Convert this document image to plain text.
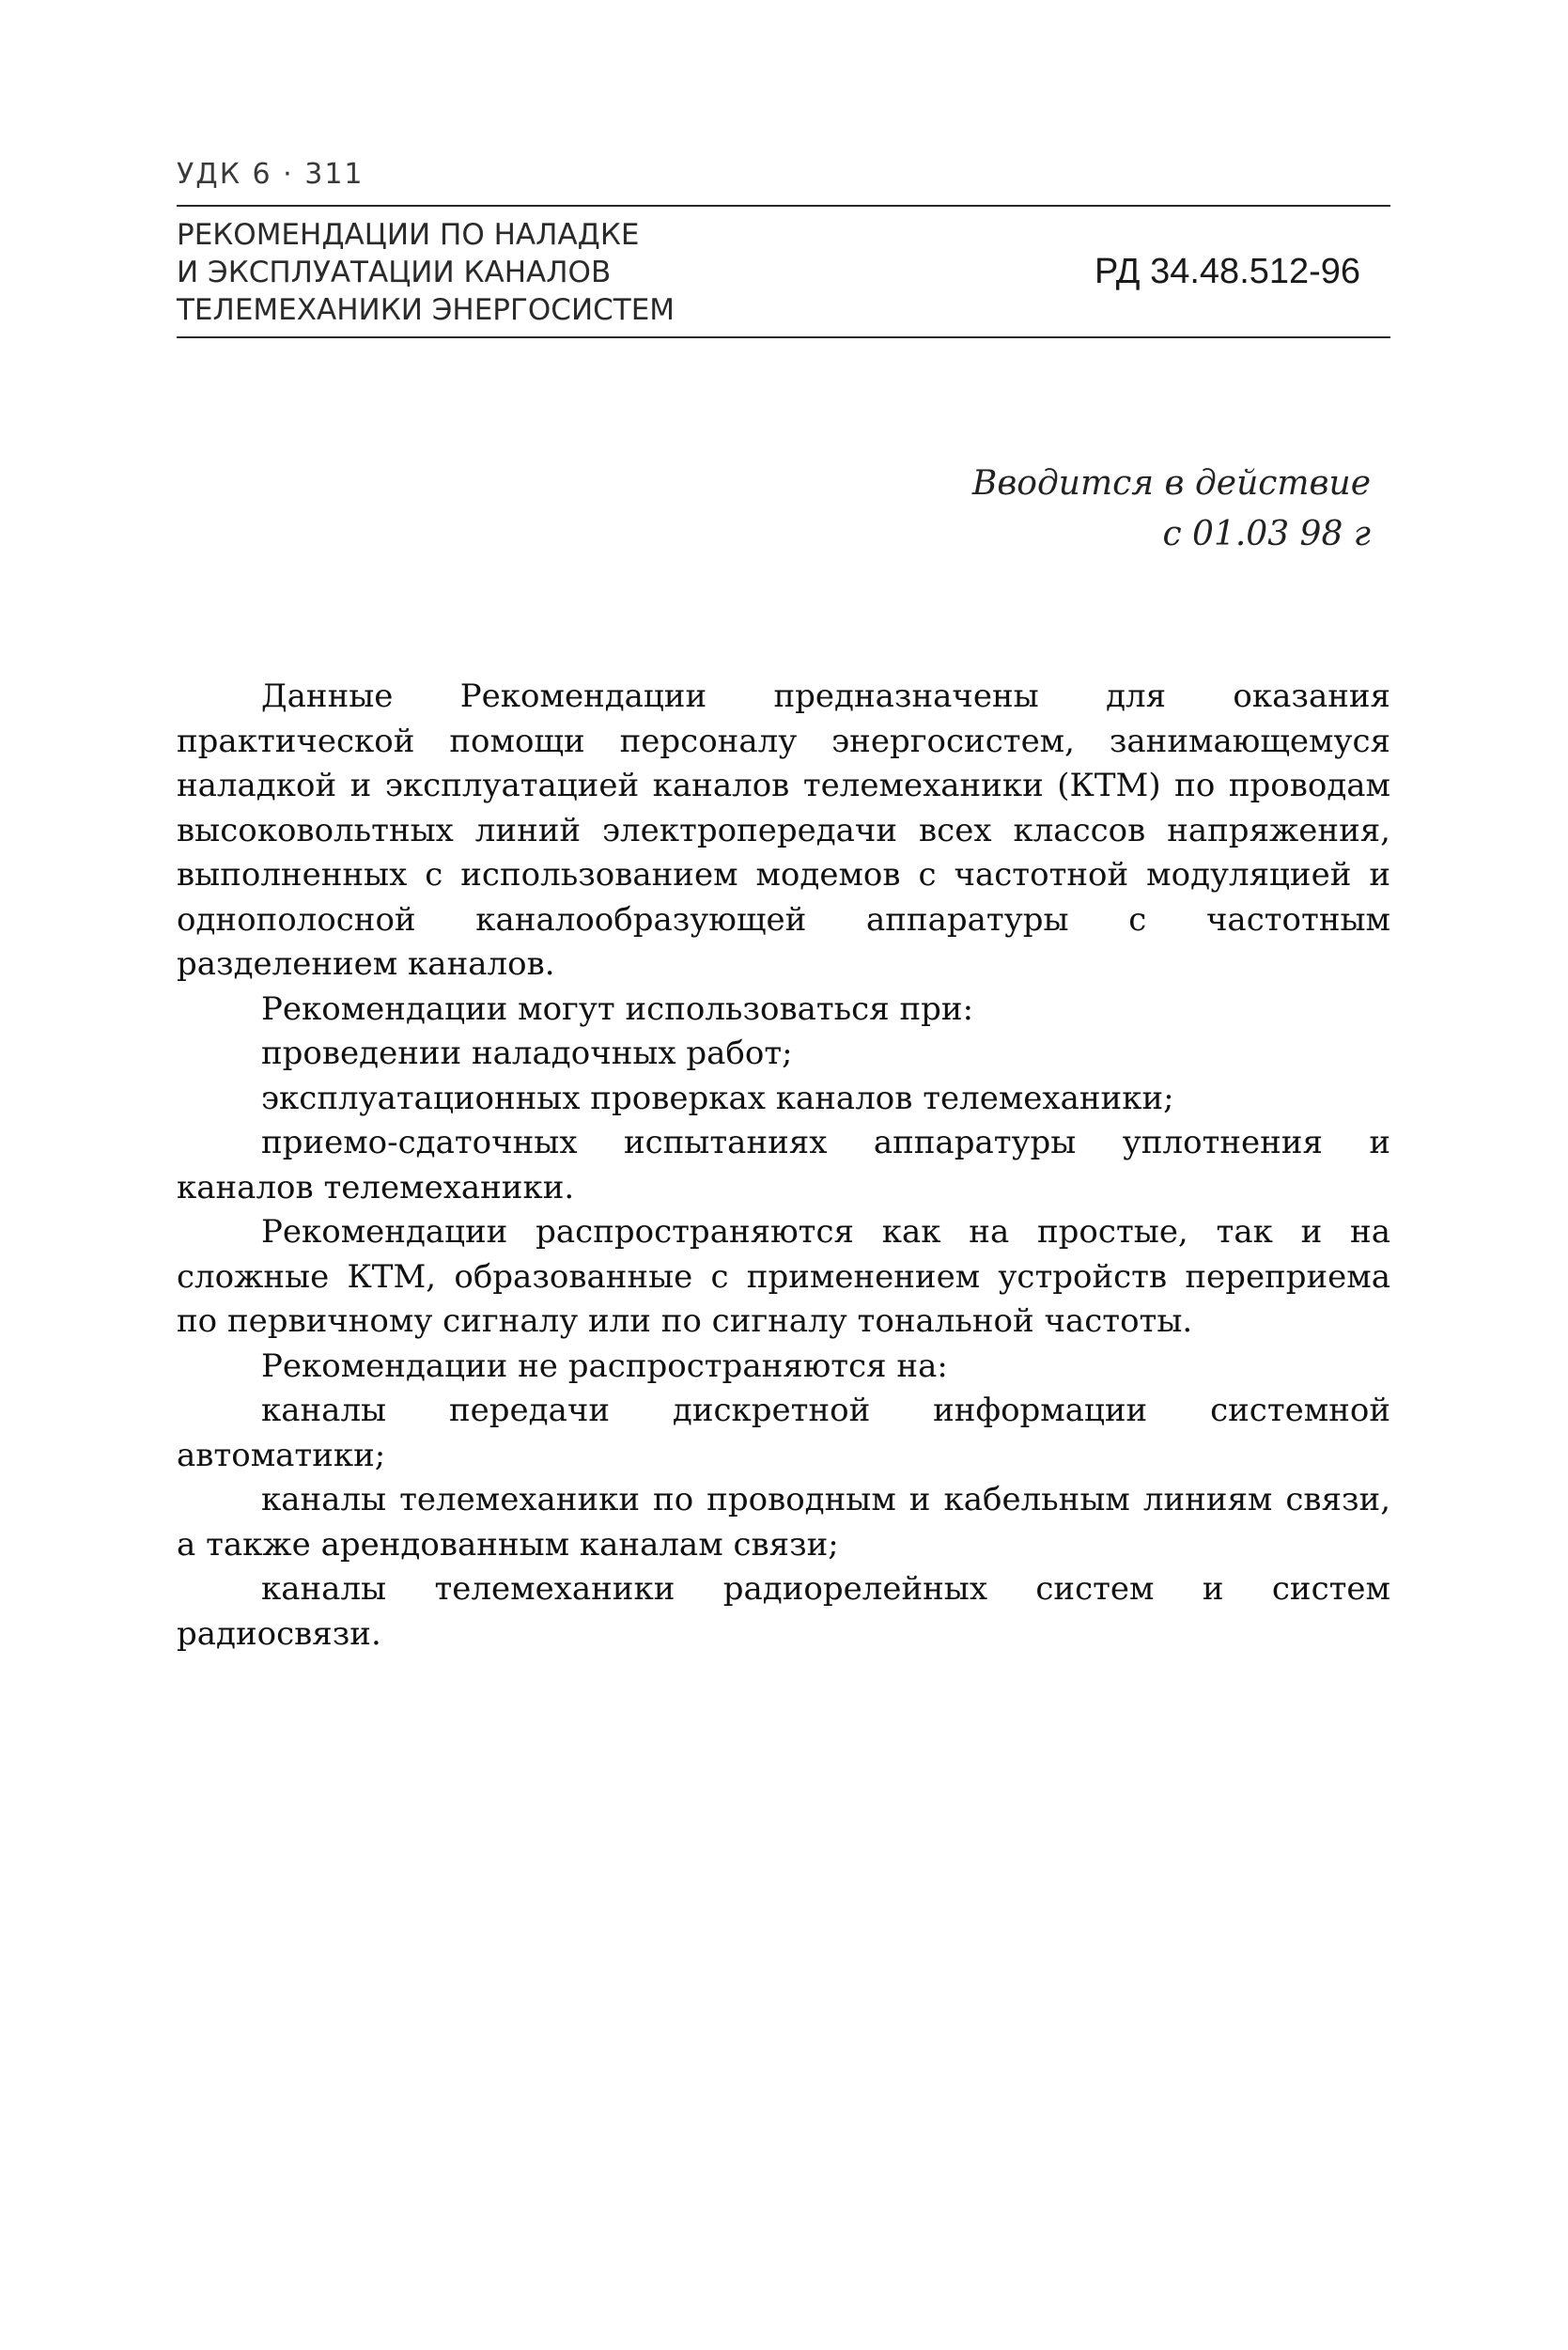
УДК 6 · 311
РЕКОМЕНДАЦИИ ПО НАЛАДКЕ
И ЭКСПЛУАТАЦИИ КАНАЛОВ
ТЕЛЕМЕХАНИКИ ЭНЕРГОСИСТЕМ
РД 34.48.512-96
Вводится в действие
с 01.03 98 г

Данные Рекомендации предназначены для оказания практической помощи персоналу энергосистем, занимающемуся наладкой и эксплуатацией каналов телемеханики (КТМ) по проводам высоковольтных линий электропередачи всех классов напряжения, выполненных с использованием модемов с частотной модуляцией и однополосной каналообразующей аппаратуры с частотным разделением каналов.

Рекомендации могут использоваться при:

проведении наладочных работ;

эксплуатационных проверках каналов телемеханики;

приемо-сдаточных испытаниях аппаратуры уплотнения и каналов телемеханики.

Рекомендации распространяются как на простые, так и на сложные КТМ, образованные с применением устройств переприема по первичному сигналу или по сигналу тональной частоты.

Рекомендации не распространяются на:

каналы передачи дискретной информации системной автоматики;

каналы телемеханики по проводным и кабельным линиям связи, а также арендованным каналам связи;

каналы телемеханики радиорелейных систем и систем радиосвязи.
